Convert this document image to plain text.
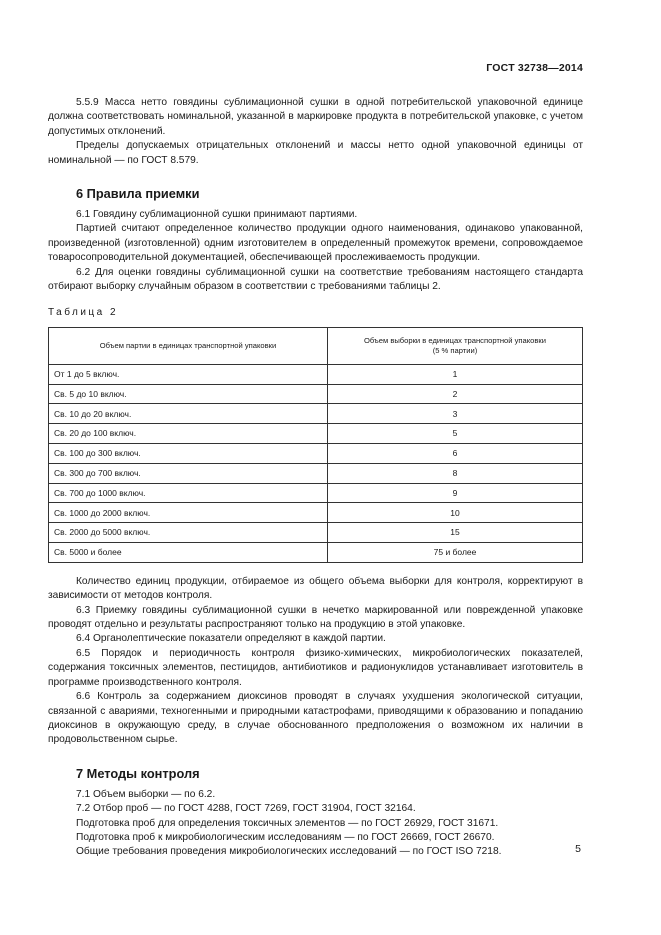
ГОСТ 32738—2014

5.5.9 Масса нетто говядины сублимационной сушки в одной потребительской упаковочной единице должна соответствовать номинальной, указанной в маркировке продукта в потребительской упаковке, с учетом допустимых отклонений.

Пределы допускаемых отрицательных отклонений и массы нетто одной упаковочной единицы от номинальной — по ГОСТ 8.579.

6 Правила приемки

6.1 Говядину сублимационной сушки принимают партиями.

Партией считают определенное количество продукции одного наименования, одинаково упакованной, произведенной (изготовленной) одним изготовителем в определенный промежуток времени, сопровождаемое товаросопроводительной документацией, обеспечивающей прослеживаемость продукции.

6.2 Для оценки говядины сублимационной сушки на соответствие требованиям настоящего стандарта отбирают выборку случайным образом в соответствии с требованиями таблицы 2.

Таблица 2
Объем партии в единицах транспортной упаковки	Объем выборки в единицах транспортной упаковки
(5 % партии)
От 1 до 5 включ.	1
Св. 5 до 10 включ.	2
Св. 10 до 20 включ.	3
Св. 20 до 100 включ.	5
Св. 100 до 300 включ.	6
Св. 300 до 700 включ.	8
Св. 700 до 1000 включ.	9
Св. 1000 до 2000 включ.	10
Св. 2000 до 5000 включ.	15
Св. 5000 и более	75 и более

Количество единиц продукции, отбираемое из общего объема выборки для контроля, корректируют в зависимости от методов контроля.

6.3 Приемку говядины сублимационной сушки в нечетко маркированной или поврежденной упаковке проводят отдельно и результаты распространяют только на продукцию в этой упаковке.

6.4 Органолептические показатели определяют в каждой партии.

6.5 Порядок и периодичность контроля физико-химических, микробиологических показателей, содержания токсичных элементов, пестицидов, антибиотиков и радионуклидов устанавливает изготовитель в программе производственного контроля.

6.6 Контроль за содержанием диоксинов проводят в случаях ухудшения экологической ситуации, связанной с авариями, техногенными и природными катастрофами, приводящими к образованию и попаданию диоксинов в окружающую среду, в случае обоснованного предположения о возможном их наличии в продовольственном сырье.

7 Методы контроля

7.1 Объем выборки — по 6.2.

7.2 Отбор проб — по ГОСТ 4288, ГОСТ 7269, ГОСТ 31904, ГОСТ 32164.

Подготовка проб для определения токсичных элементов — по ГОСТ 26929, ГОСТ 31671.

Подготовка проб к микробиологическим исследованиям — по ГОСТ 26669, ГОСТ 26670.

Общие требования проведения микробиологических исследований — по ГОСТ ISO 7218.	5
